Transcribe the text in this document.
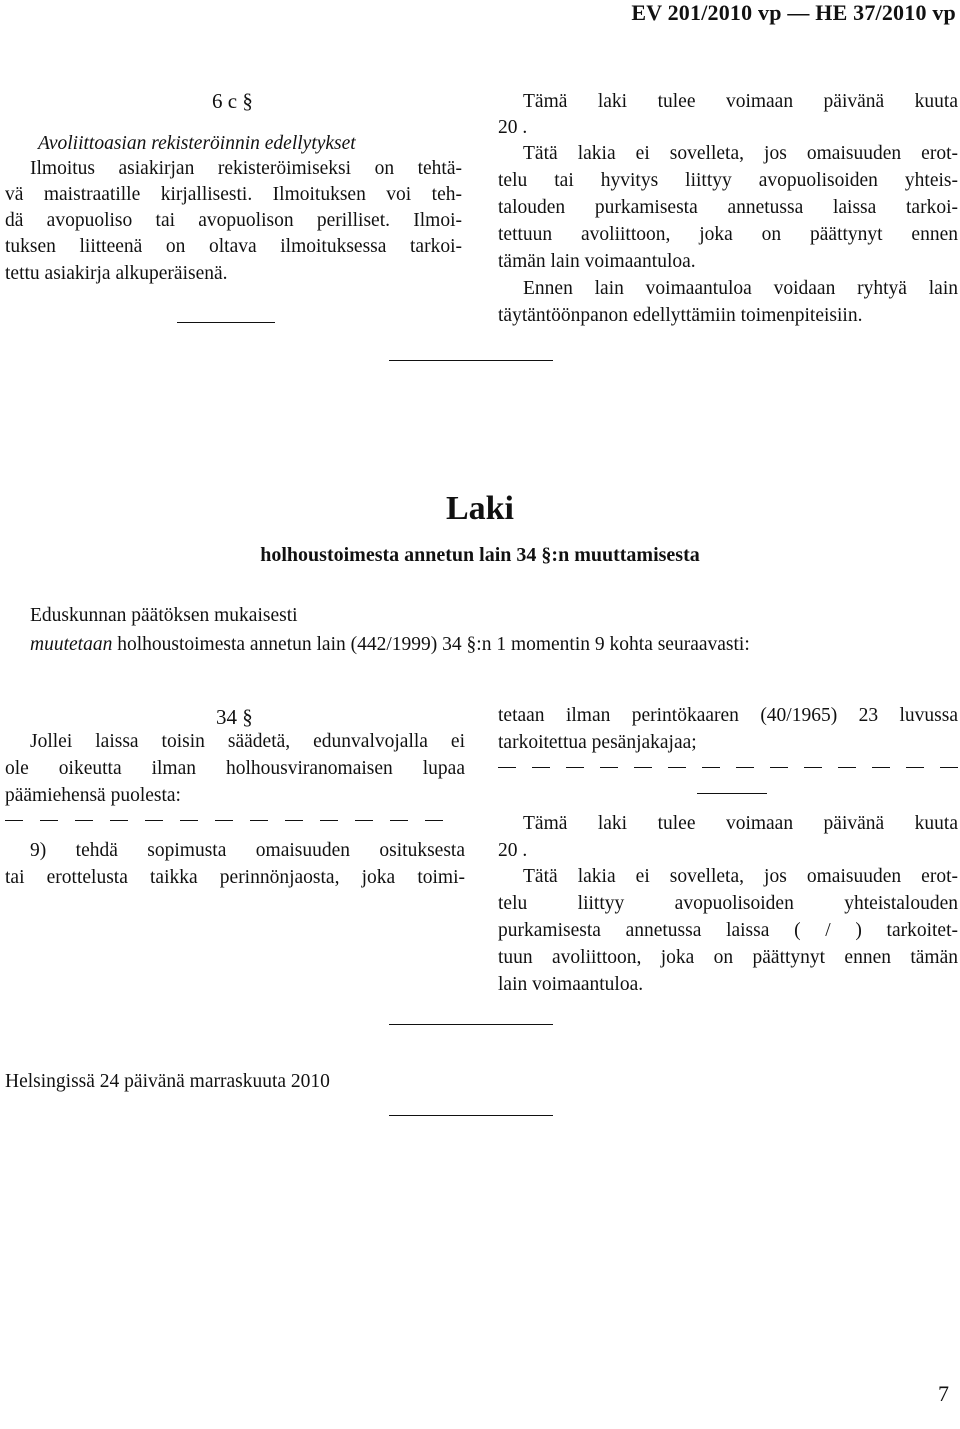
EV 201/2010 vp — HE 37/2010 vp
6 c §
Avoliittoasian rekisteröinnin edellytykset
Ilmoitus asiakirjan rekisteröimiseksi on tehtä-
vä maistraatille kirjallisesti. Ilmoituksen voi teh-
dä avopuoliso tai avopuolison perilliset. Ilmoi-
tuksen liitteenä on oltava ilmoituksessa tarkoi-
tettu asiakirja alkuperäisenä.
Tämä laki tulee voimaan päivänä kuuta
20 .
Tätä lakia ei sovelleta, jos omaisuuden erot-
telu tai hyvitys liittyy avopuolisoiden yhteis-
talouden purkamisesta annetussa laissa tarkoi-
tettuun avoliittoon, joka on päättynyt ennen
tämän lain voimaantuloa.
Ennen lain voimaantuloa voidaan ryhtyä lain
täytäntöönpanon edellyttämiin toimenpiteisiin.
Laki
holhoustoimesta annetun lain 34 §:n muuttamisesta
Eduskunnan päätöksen mukaisesti
muutetaan holhoustoimesta annetun lain (442/1999) 34 §:n 1 momentin 9 kohta seuraavasti:
34 §
Jollei laissa toisin säädetä, edunvalvojalla ei
ole oikeutta ilman holhousviranomaisen lupaa
päämiehensä puolesta:
9) tehdä sopimusta omaisuuden osituksesta
tai erottelusta taikka perinnönjaosta, joka toimi-
tetaan ilman perintökaaren (40/1965) 23 luvussa
tarkoitettua pesänjakajaa;
Tämä laki tulee voimaan päivänä kuuta
20 .
Tätä lakia ei sovelleta, jos omaisuuden erot-
telu liittyy avopuolisoiden yhteistalouden
purkamisesta annetussa laissa ( / ) tarkoitet-
tuun avoliittoon, joka on päättynyt ennen tämän
lain voimaantuloa.
Helsingissä 24 päivänä marraskuuta 2010
7
